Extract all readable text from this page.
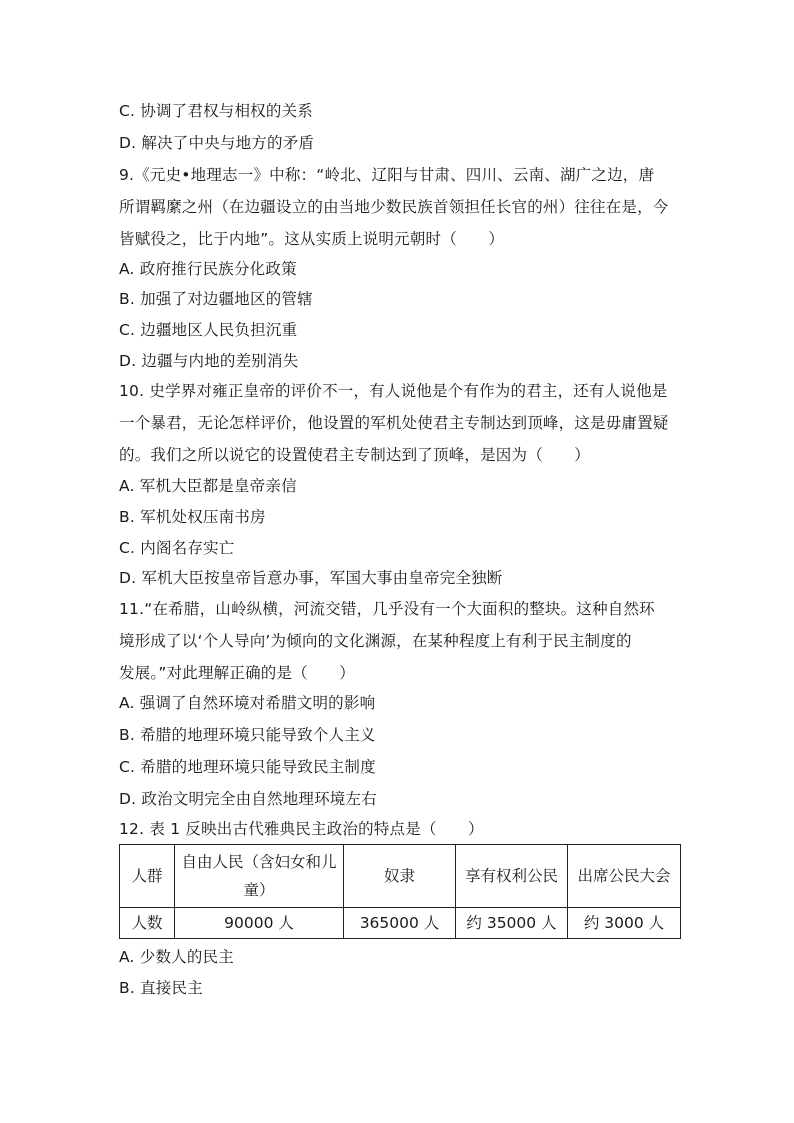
C. 协调了君权与相权的关系
D. 解决了中央与地方的矛盾
9.《元史•地理志一》中称：“岭北、辽阳与甘肃、四川、云南、湖广之边，唐
所谓羁縻之州（在边疆设立的由当地少数民族首领担任长官的州）往往在是，今
皆赋役之，比于内地”。这从实质上说明元朝时（　　）
A. 政府推行民族分化政策
B. 加强了对边疆地区的管辖
C. 边疆地区人民负担沉重
D. 边疆与内地的差别消失
10. 史学界对雍正皇帝的评价不一，有人说他是个有作为的君主，还有人说他是
一个暴君，无论怎样评价，他设置的军机处使君主专制达到顶峰，这是毋庸置疑
的。我们之所以说它的设置使君主专制达到了顶峰，是因为（　　）
A. 军机大臣都是皇帝亲信
B. 军机处权压南书房
C. 内阁名存实亡
D. 军机大臣按皇帝旨意办事，军国大事由皇帝完全独断
11.“在希腊，山岭纵横，河流交错，几乎没有一个大面积的整块。这种自然环
境形成了以‘个人导向’为倾向的文化渊源，在某种程度上有利于民主制度的
发展。”对此理解正确的是（　　）
A. 强调了自然环境对希腊文明的影响
B. 希腊的地理环境只能导致个人主义
C. 希腊的地理环境只能导致民主制度
D. 政治文明完全由自然地理环境左右
12. 表 1 反映出古代雅典民主政治的特点是（　　）
人群	自由人民（含妇女和儿童）	奴隶	享有权利公民	出席公民大会
人数	90000 人	365000 人	约 35000 人	约 3000 人
A. 少数人的民主
B. 直接民主
